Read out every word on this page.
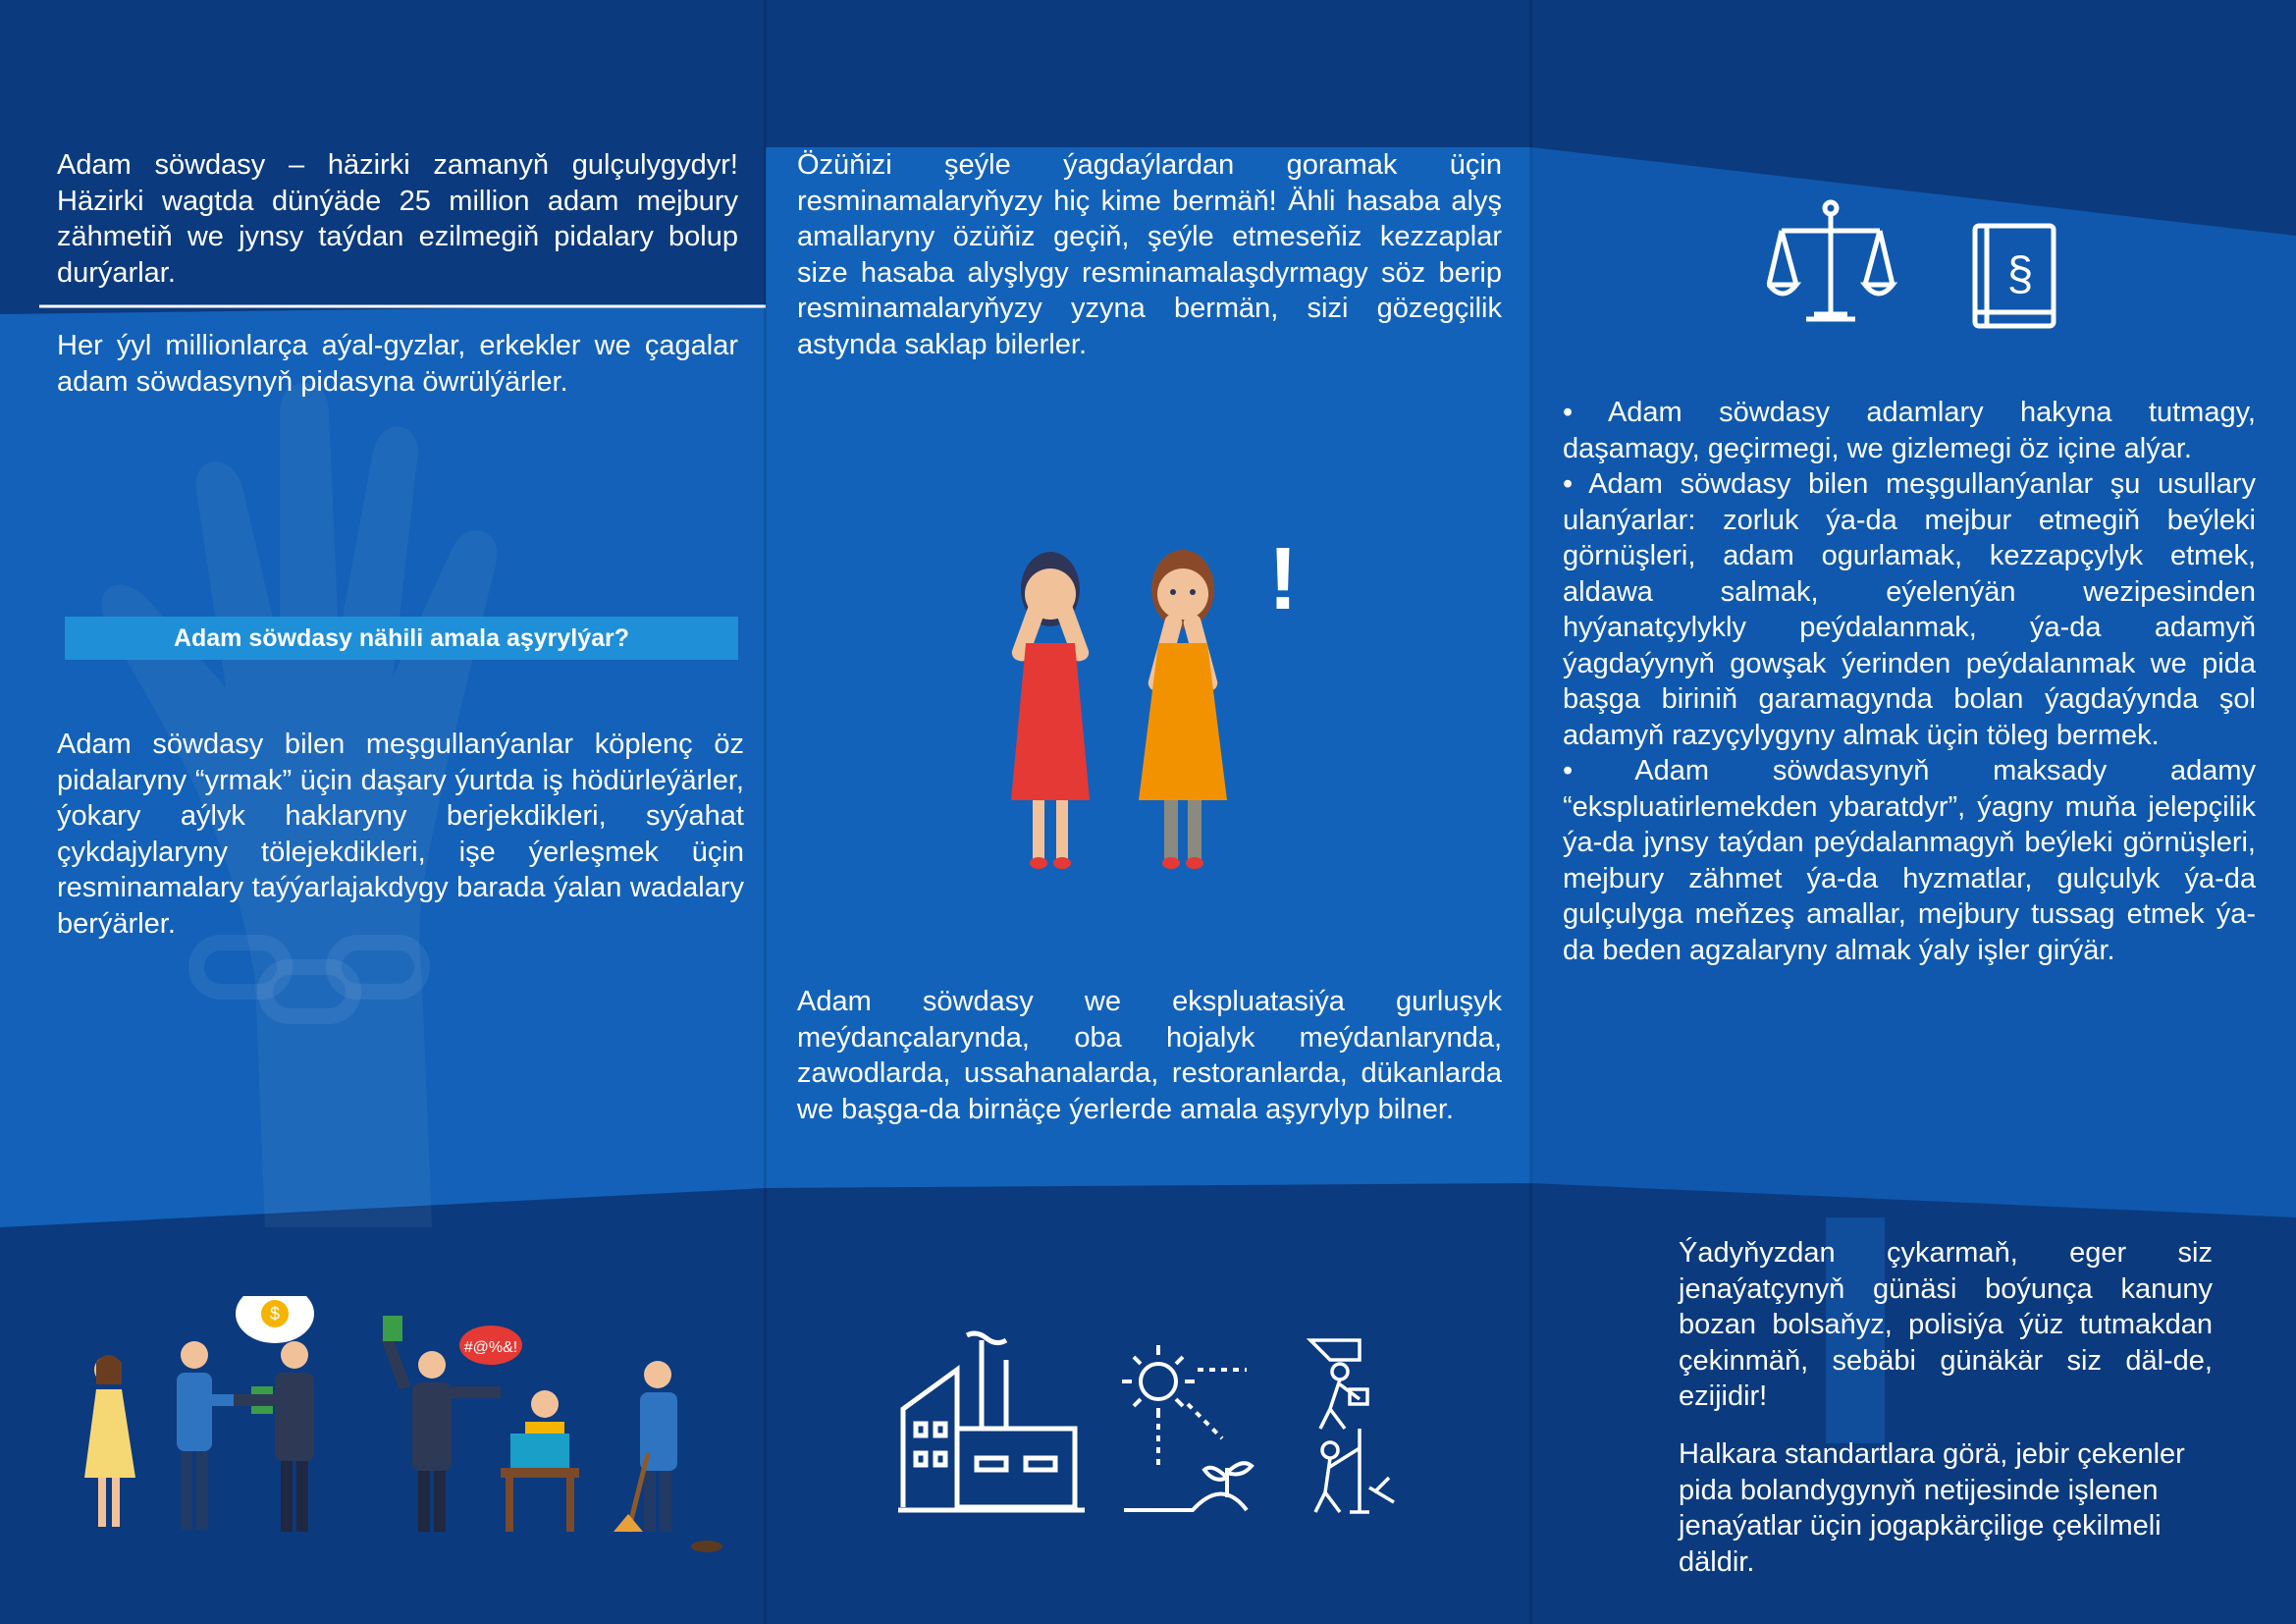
Adam söwdasy – häzirki zamanyň gulçulygydyr! Häzirki wagtda dünýäde 25 million adam mejbury zähmetiň we jynsy taýdan ezilmegiň pidalary bolup durýarlar.
Her ýyl millionlarça aýal-gyzlar, erkekler we çagalar adam söwdasynyň pidasyna öwrülýärler.
Adam söwdasy nähili amala aşyrylýar?
Adam söwdasy bilen meşgullanýanlar köplenç öz pidalaryny “yrmak” üçin daşary ýurtda iş hödürleýärler, ýokary aýlyk haklaryny berjekdikleri, syýahat çykdajylaryny tölejekdikleri, işe ýerleşmek üçin resminamalary taýýarlajakdygy barada ýalan wadalary berýärler.
$
#@%&!
Özüňizi şeýle ýagdaýlardan goramak üçin resminamalaryňyzy hiç kime bermäň! Ähli hasaba alyş amallaryny özüňiz geçiň, şeýle etmeseňiz kezzaplar size hasaba alyşlygy resminamalaşdyrmagy söz berip resminamalaryňyzy yzyna bermän, sizi gözegçilik astynda saklap bilerler.
!
Adam söwdasy we ekspluatasiýa gurluşyk meýdançalarynda, oba hojalyk meýdanlarynda, zawodlarda, ussahanalarda, restoranlarda, dükanlarda we başga-da birnäçe ýerlerde amala aşyrylyp bilner.
§

• Adam söwdasy adamlary hakyna tutmagy, daşamagy, geçirmegi, we gizlemegi öz içine alýar.

• Adam söwdasy bilen meşgullanýanlar şu usullary ulanýarlar: zorluk ýa-da mejbur etmegiň beýleki görnüşleri, adam ogurlamak, kezzapçylyk etmek, aldawa salmak, eýelenýän wezipesinden hyýanatçylykly peýdalanmak, ýa-da adamyň ýagdaýynyň gowşak ýerinden peýdalanmak we pida başga biriniň garamagynda bolan ýagdaýynda şol adamyň razyçylygyny almak üçin töleg bermek.

• Adam söwdasynyň maksady adamy “ekspluatirlemekden ybaratdyr”, ýagny muňa jelepçilik ýa-da jynsy taýdan peýdalanmagyň beýleki görnüşleri, mejbury zähmet ýa-da hyzmatlar, gulçulyk ýa-da gulçulyga meňzeş amallar, mejbury tussag etmek ýa-da beden agzalaryny almak ýaly işler girýär.

Ýadyňyzdan çykarmaň, eger siz jenaýatçynyň günäsi boýunça kanuny bozan bolsaňyz, polisiýa ýüz tutmakdan çekinmäň, sebäbi günäkär siz däl-de, ezijidir!
Halkara standartlara görä, jebir çekenler pida bolandygynyň netijesinde işlenen jenaýatlar üçin jogapkärçilige çekilmeli däldir.
